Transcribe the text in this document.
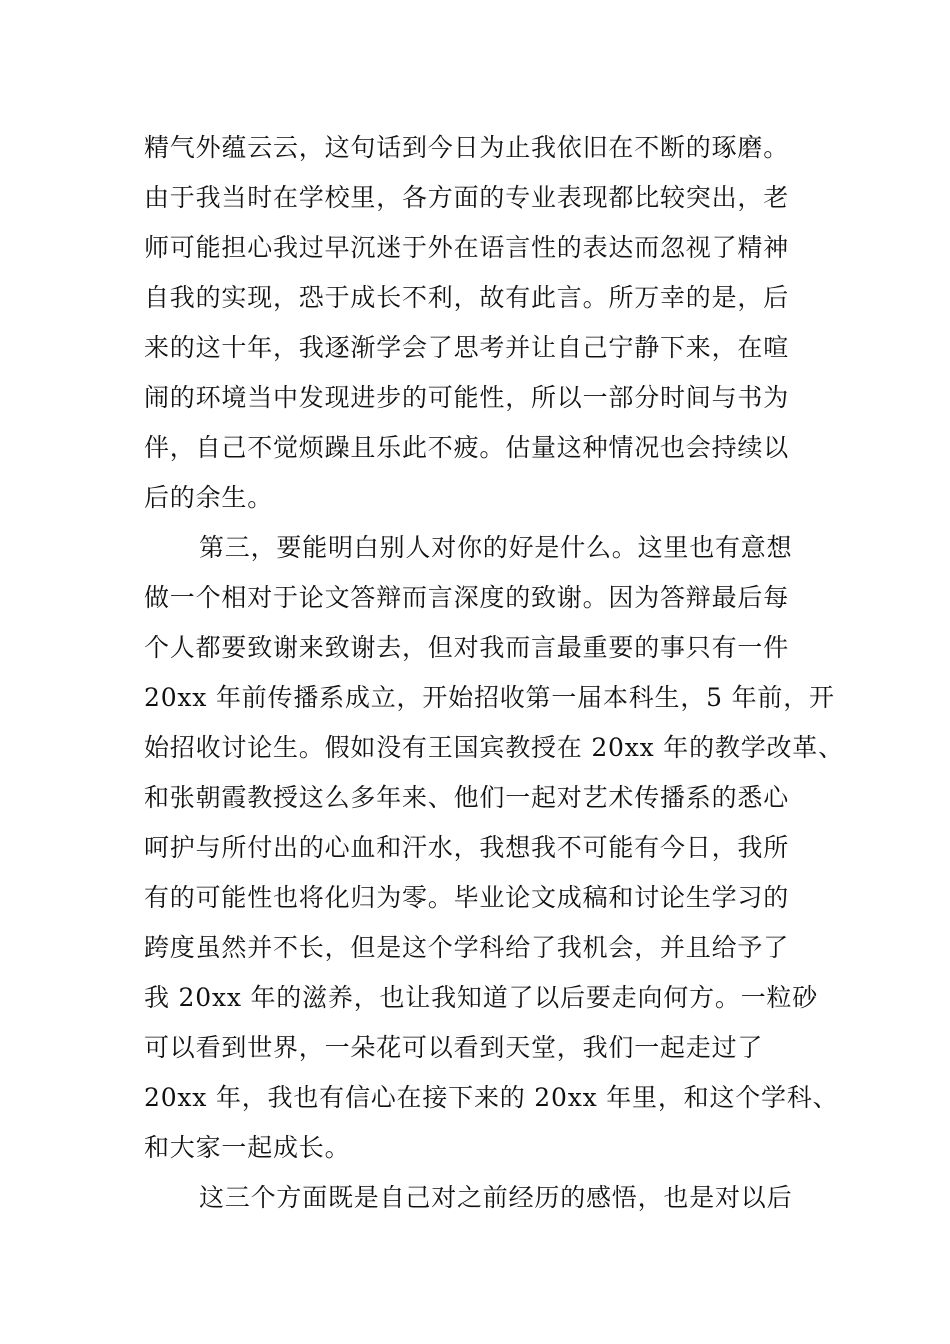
精气外蕴云云，这句话到今日为止我依旧在不断的琢磨。
由于我当时在学校里，各方面的专业表现都比较突出，老
师可能担心我过早沉迷于外在语言性的表达而忽视了精神
自我的实现，恐于成长不利，故有此言。所万幸的是，后
来的这十年，我逐渐学会了思考并让自己宁静下来，在喧
闹的环境当中发现进步的可能性，所以一部分时间与书为
伴，自己不觉烦躁且乐此不疲。估量这种情况也会持续以
后的余生。
第三，要能明白别人对你的好是什么。这里也有意想
做一个相对于论文答辩而言深度的致谢。因为答辩最后每
个人都要致谢来致谢去，但对我而言最重要的事只有一件
20xx 年前传播系成立，开始招收第一届本科生，5 年前，开
始招收讨论生。假如没有王国宾教授在 20xx 年的教学改革、
和张朝霞教授这么多年来、他们一起对艺术传播系的悉心
呵护与所付出的心血和汗水，我想我不可能有今日，我所
有的可能性也将化归为零。毕业论文成稿和讨论生学习的
跨度虽然并不长，但是这个学科给了我机会，并且给予了
我 20xx 年的滋养，也让我知道了以后要走向何方。一粒砂
可以看到世界，一朵花可以看到天堂，我们一起走过了
20xx 年，我也有信心在接下来的 20xx 年里，和这个学科、
和大家一起成长。
这三个方面既是自己对之前经历的感悟，也是对以后
